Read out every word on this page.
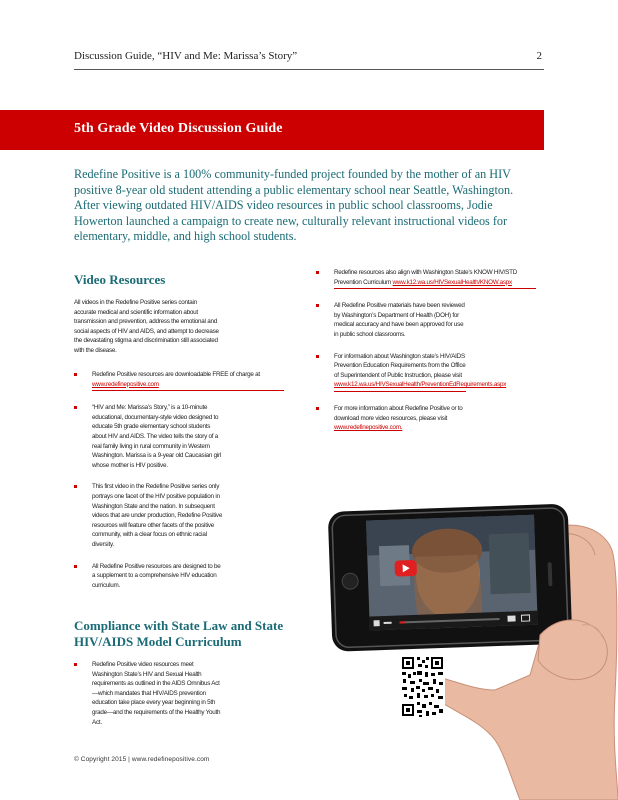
Discussion Guide, “HIV and Me: Marissa’s Story”	2
5th Grade Video Discussion Guide

Redefine Positive is a 100% community-funded project founded by the mother of an HIV positive 8-year old student attending a public elementary school near Seattle, Washington. After viewing outdated HIV/AIDS video resources in public school classrooms, Jodie Howerton launched a campaign to create new, culturally relevant instructional videos for elementary, middle, and high school students.

Video Resources

All videos in the Redefine Positive series contain accurate medical and scientific information about transmission and prevention, address the emotional and social aspects of HIV and AIDS, and attempt to decrease the devastating stigma and discrimination still associated with the disease.

Redefine Positive resources are downloadable FREE of charge at www.redefinepositive.com
“HIV and Me: Marissa’s Story,” is a 10-minute educational, documentary-style video designed to educate 5th grade elementary school students about HIV and AIDS. The video tells the story of a real family living in rural community in Western Washington. Marissa is a 9-year old Caucasian girl whose mother is HIV positive.
This first video in the Redefine Positive series only portrays one facet of the HIV positive population in Washington State and the nation. In subsequent videos that are under production, Redefine Positive resources will feature other facets of the positive community, with a clear focus on ethnic racial diversity.
All Redefine Positive resources are designed to be a supplement to a comprehensive HIV education curriculum.
Redefine resources also align with Washington State’s KNOW HIV/STD Prevention Curriculum www.k12.wa.us/HIVSexualHealth/KNOW.aspx
All Redefine Positive materials have been reviewed by Washington’s Department of Health (DOH) for medical accuracy and have been approved for use in public school classrooms.
For information about Washington state’s HIV/AIDS Prevention Education Requirements from the Office of Superintendent of Public Instruction, please visit www.k12.wa.us/HIVSexualHealth/PreventionEdRequirements.aspx
For more information about Redefine Positive or to download more video resources, please visit www.redefinepositive.com.
Compliance with State Law and State HIV/AIDS Model Curriculum
Redefine Positive video resources meet Washington State’s HIV and Sexual Health requirements as outlined in the AIDS Omnibus Act—which mandates that HIV/AIDS prevention education take place every year beginning in 5th grade—and the requirements of the Healthy Youth Act.
© Copyright 2015 | www.redefinepositive.com
